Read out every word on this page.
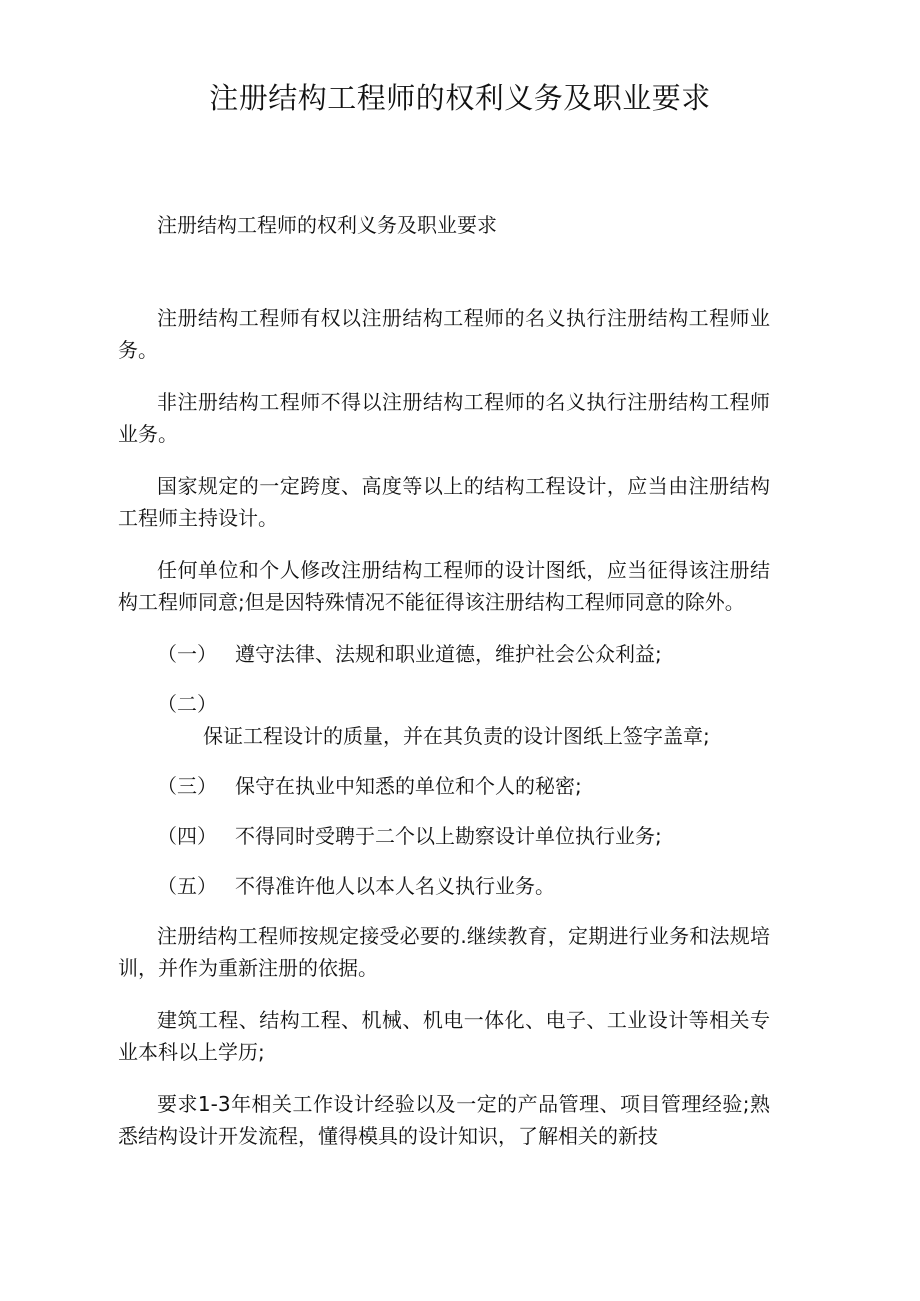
注册结构工程师的权利义务及职业要求
注册结构工程师的权利义务及职业要求

注册结构工程师有权以注册结构工程师的名义执行注册结构工程师业务。

非注册结构工程师不得以注册结构工程师的名义执行注册结构工程师业务。

国家规定的一定跨度、高度等以上的结构工程设计，应当由注册结构工程师主持设计。

任何单位和个人修改注册结构工程师的设计图纸，应当征得该注册结构工程师同意;但是因特殊情况不能征得该注册结构工程师同意的除外。

（一） 遵守法律、法规和职业道德，维护社会公众利益;
（二）
保证工程设计的质量，并在其负责的设计图纸上签字盖章;
（三） 保守在执业中知悉的单位和个人的秘密;
（四） 不得同时受聘于二个以上勘察设计单位执行业务;
（五） 不得准许他人以本人名义执行业务。

注册结构工程师按规定接受必要的.继续教育，定期进行业务和法规培训，并作为重新注册的依据。

建筑工程、结构工程、机械、机电一体化、电子、工业设计等相关专业本科以上学历;

要求1-3年相关工作设计经验以及一定的产品管理、项目管理经验;熟悉结构设计开发流程，懂得模具的设计知识，了解相关的新技
